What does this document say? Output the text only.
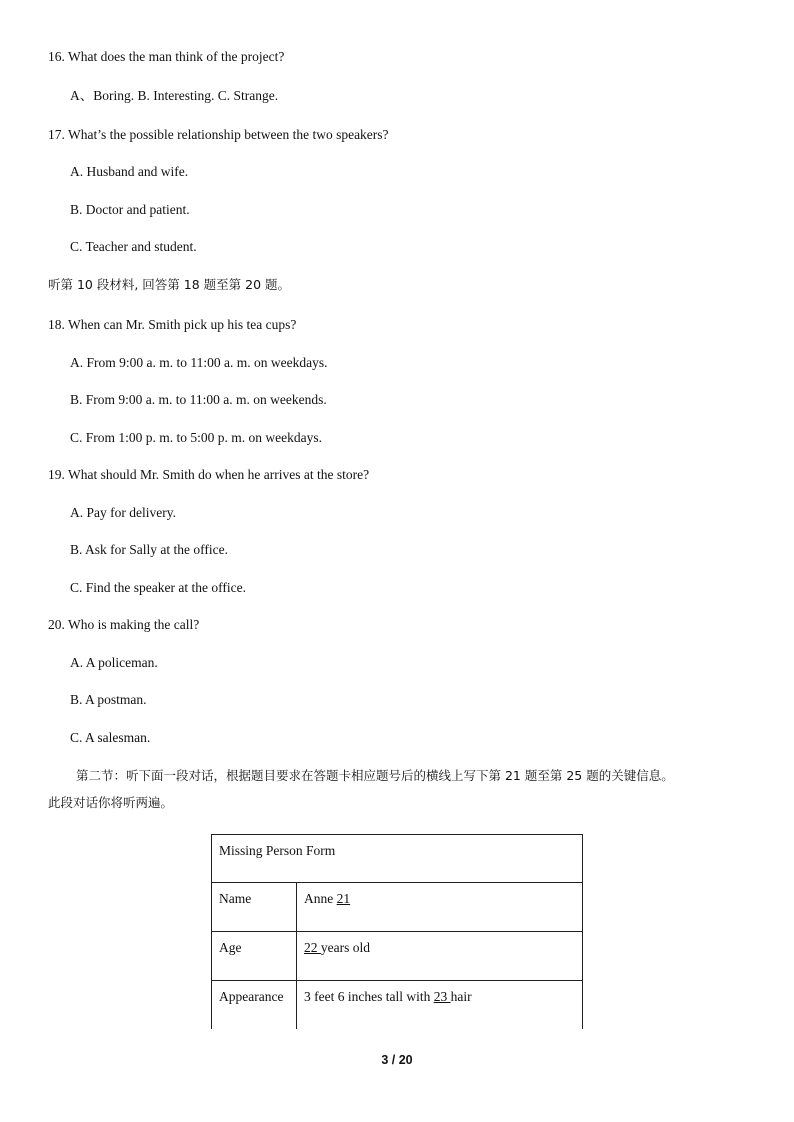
16. What does the man think of the project?
A、Boring. B. Interesting. C. Strange.
17. What’s the possible relationship between the two speakers?
A. Husband and wife.
B. Doctor and patient.
C. Teacher and student.
听第 10 段材料, 回答第 18 题至第 20 题。
18. When can Mr. Smith pick up his tea cups?
A. From 9:00 a. m. to 11:00 a. m. on weekdays.
B. From 9:00 a. m. to 11:00 a. m. on weekends.
C. From 1:00 p. m. to 5:00 p. m. on weekdays.
19. What should Mr. Smith do when he arrives at the store?
A. Pay for delivery.
B. Ask for Sally at the office.
C. Find the speaker at the office.
20. Who is making the call?
A. A policeman.
B. A postman.
C. A salesman.
第二节：听下面一段对话，根据题目要求在答题卡相应题号后的横线上写下第 21 题至第 25 题的关键信息。
此段对话你将听两遍。
Missing Person Form	
Name	Anne 21
Age	22 years old
Appearance	3 feet 6 inches tall with 23 hair
3 / 20
